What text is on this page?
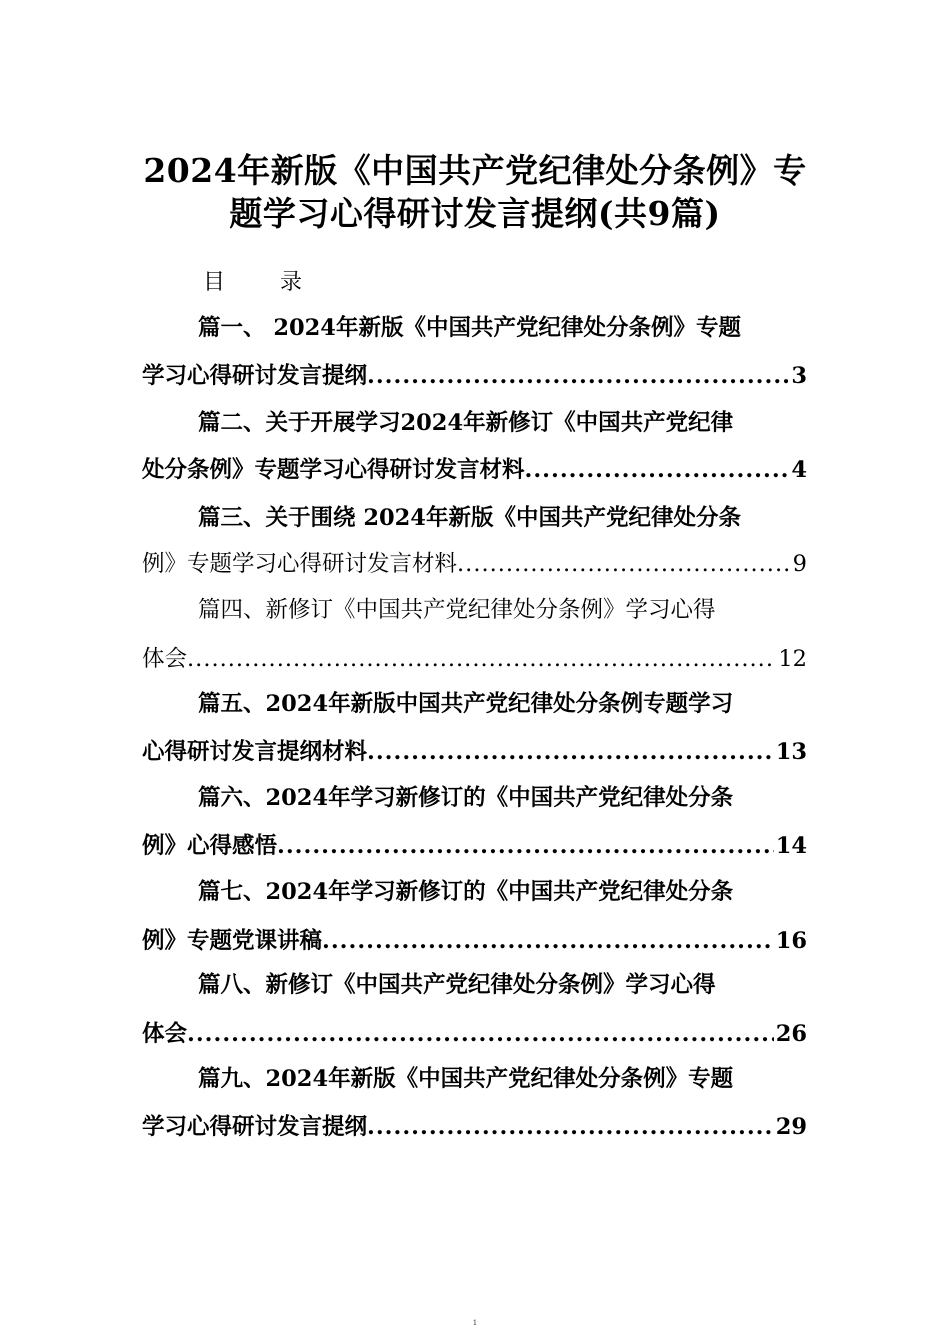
2024年新版《中国共产党纪律处分条例》专
题学习心得研讨发言提纲(共9篇)
目 录
篇一、 2024年新版《中国共产党纪律处分条例》专题
学习心得研讨发言提纲 .....	3
篇二、关于开展学习2024年新修订《中国共产党纪律
处分条例》专题学习心得研讨发言材料 .....	4
篇三、关于围绕 2024年新版《中国共产党纪律处分条
例》专题学习心得研讨发言材料 .....	9
篇四、新修订《中国共产党纪律处分条例》学习心得
体会 .....	12
篇五、2024年新版中国共产党纪律处分条例专题学习
心得研讨发言提纲材料 .....	13
篇六、2024年学习新修订的《中国共产党纪律处分条
例》心得感悟 .....	14
篇七、2024年学习新修订的《中国共产党纪律处分条
例》专题党课讲稿 .....	16
篇八、新修订《中国共产党纪律处分条例》学习心得
体会 .....	26
篇九、2024年新版《中国共产党纪律处分条例》专题
学习心得研讨发言提纲 .....	29
1
